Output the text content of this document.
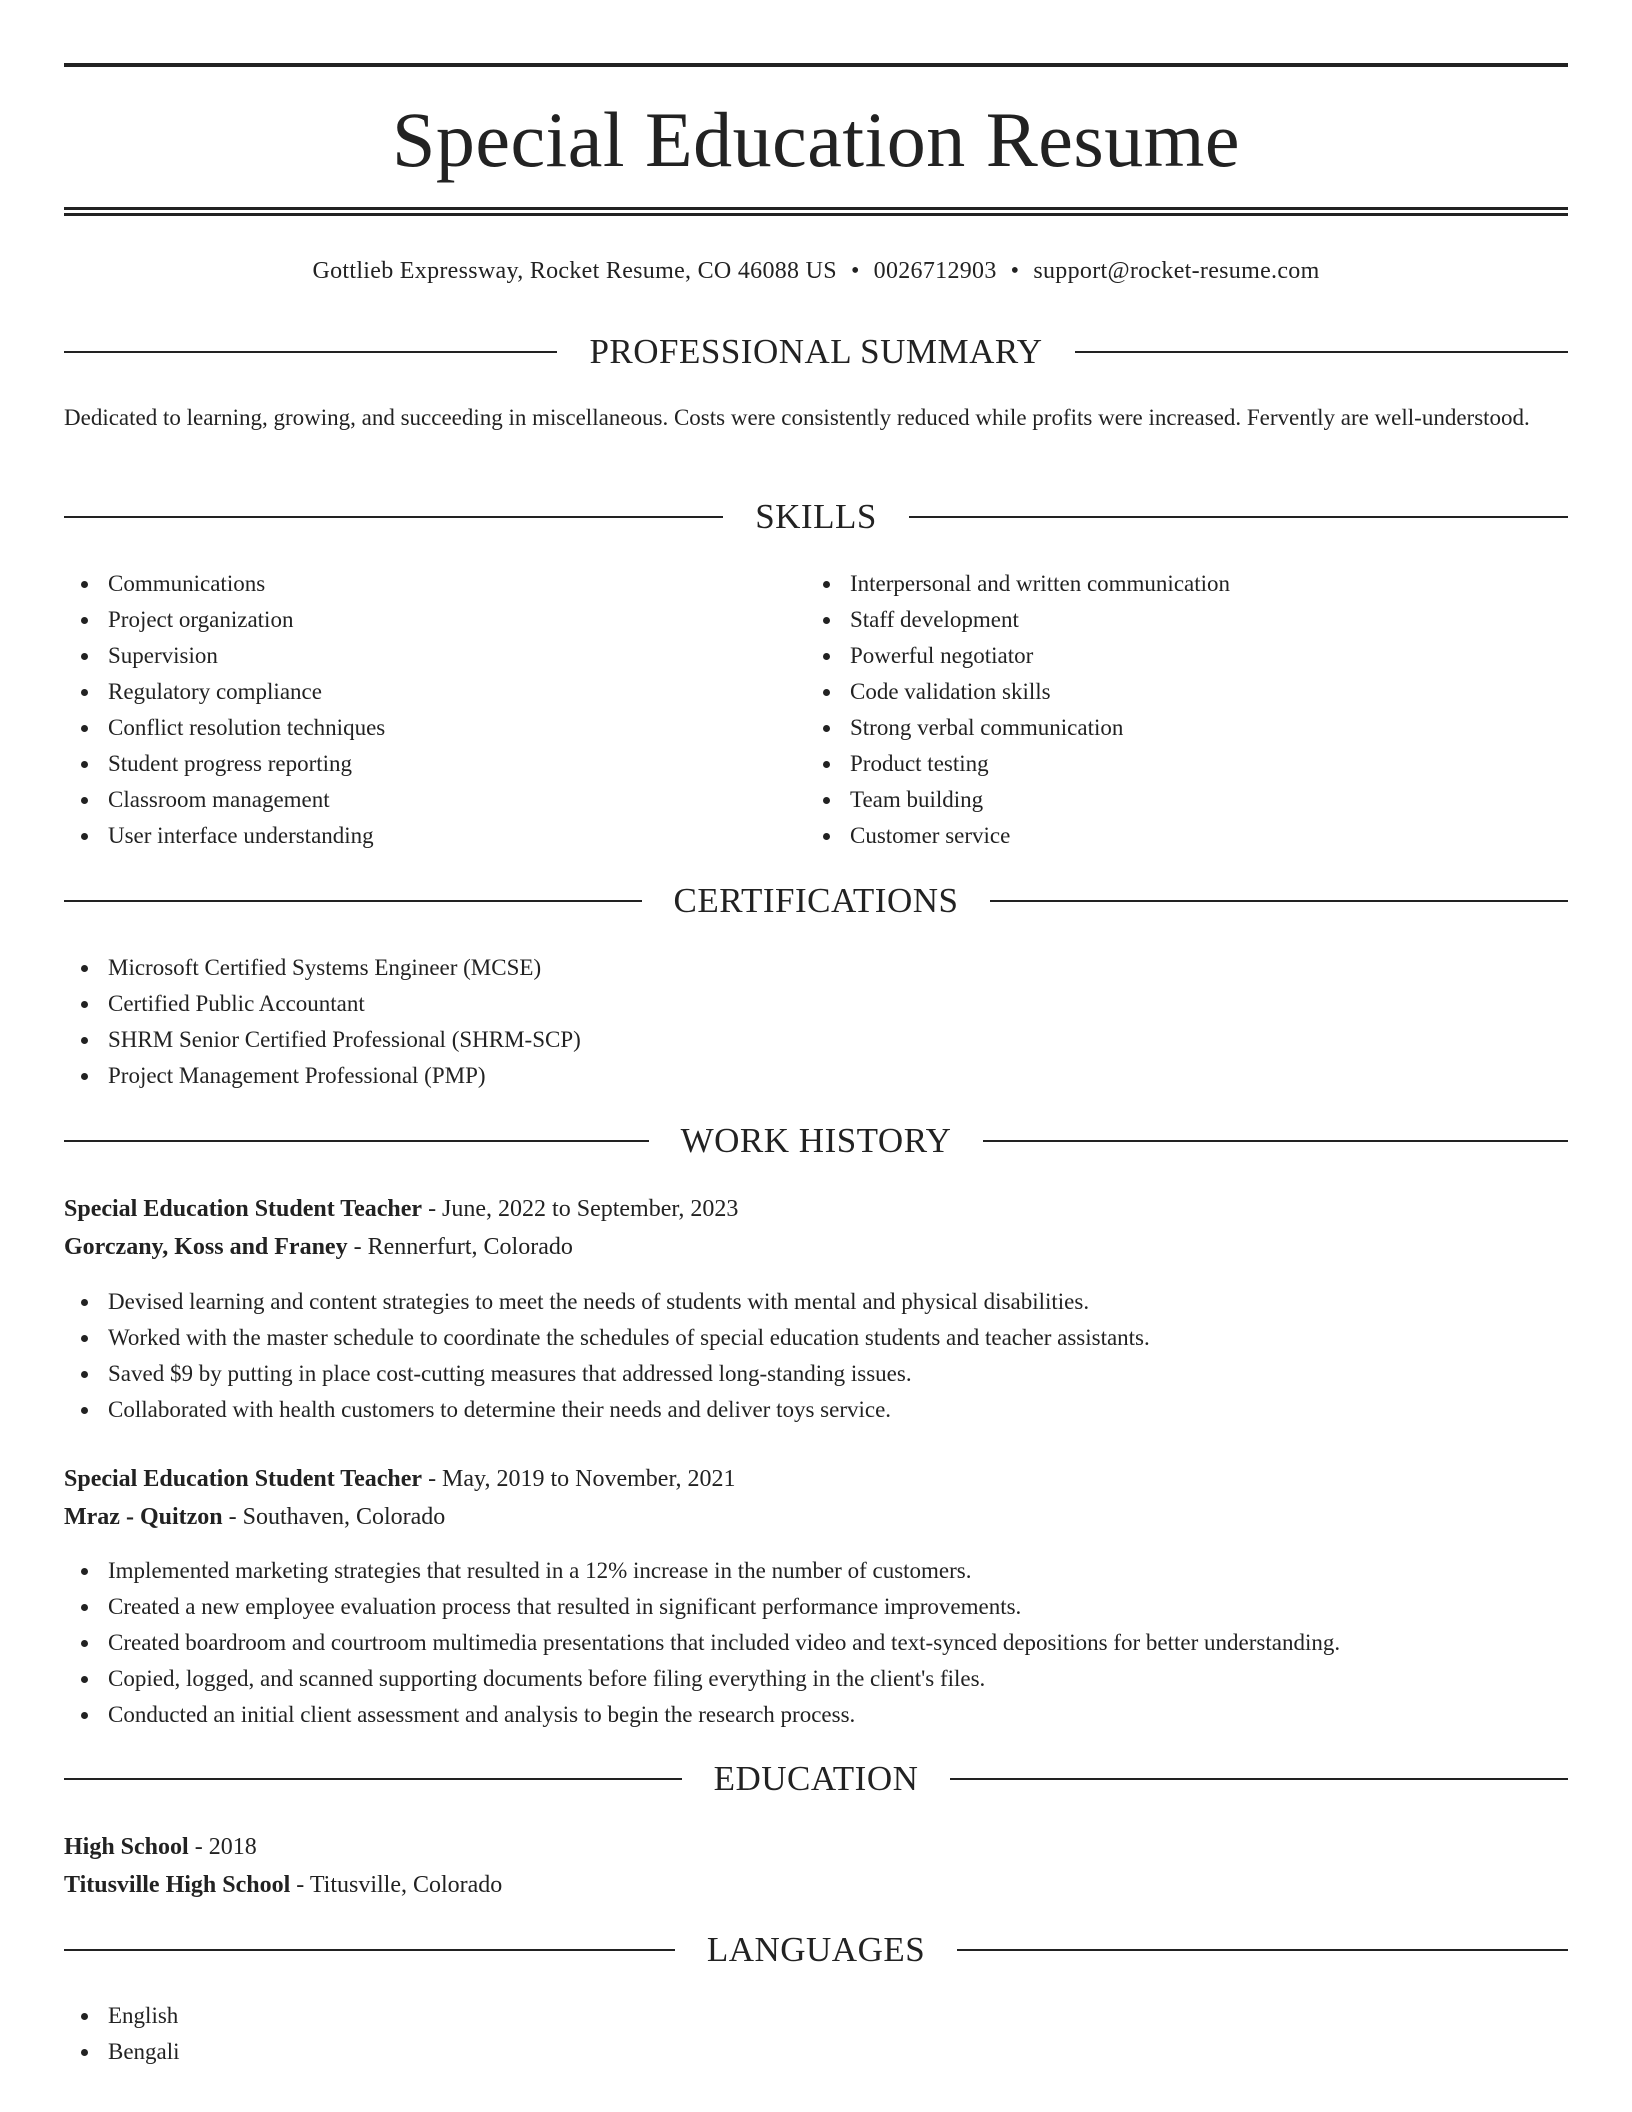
Special Education Resume
Gottlieb Expressway, Rocket Resume, CO 46088 US • 0026712903 • support@rocket-resume.com
PROFESSIONAL SUMMARY

Dedicated to learning, growing, and succeeding in miscellaneous. Costs were consistently reduced while profits were increased. Fervently are well-understood.

SKILLS
Communications
Project organization
Supervision
Regulatory compliance
Conflict resolution techniques
Student progress reporting
Classroom management
User interface understanding
Interpersonal and written communication
Staff development
Powerful negotiator
Code validation skills
Strong verbal communication
Product testing
Team building
Customer service
CERTIFICATIONS
Microsoft Certified Systems Engineer (MCSE)
Certified Public Accountant
SHRM Senior Certified Professional (SHRM-SCP)
Project Management Professional (PMP)
WORK HISTORY
Special Education Student Teacher - June, 2022 to September, 2023
Gorczany, Koss and Franey - Rennerfurt, Colorado
Devised learning and content strategies to meet the needs of students with mental and physical disabilities.
Worked with the master schedule to coordinate the schedules of special education students and teacher assistants.
Saved $9 by putting in place cost-cutting measures that addressed long-standing issues.
Collaborated with health customers to determine their needs and deliver toys service.
Special Education Student Teacher - May, 2019 to November, 2021
Mraz - Quitzon - Southaven, Colorado
Implemented marketing strategies that resulted in a 12% increase in the number of customers.
Created a new employee evaluation process that resulted in significant performance improvements.
Created boardroom and courtroom multimedia presentations that included video and text-synced depositions for better understanding.
Copied, logged, and scanned supporting documents before filing everything in the client's files.
Conducted an initial client assessment and analysis to begin the research process.
EDUCATION
High School - 2018
Titusville High School - Titusville, Colorado
LANGUAGES
English
Bengali
